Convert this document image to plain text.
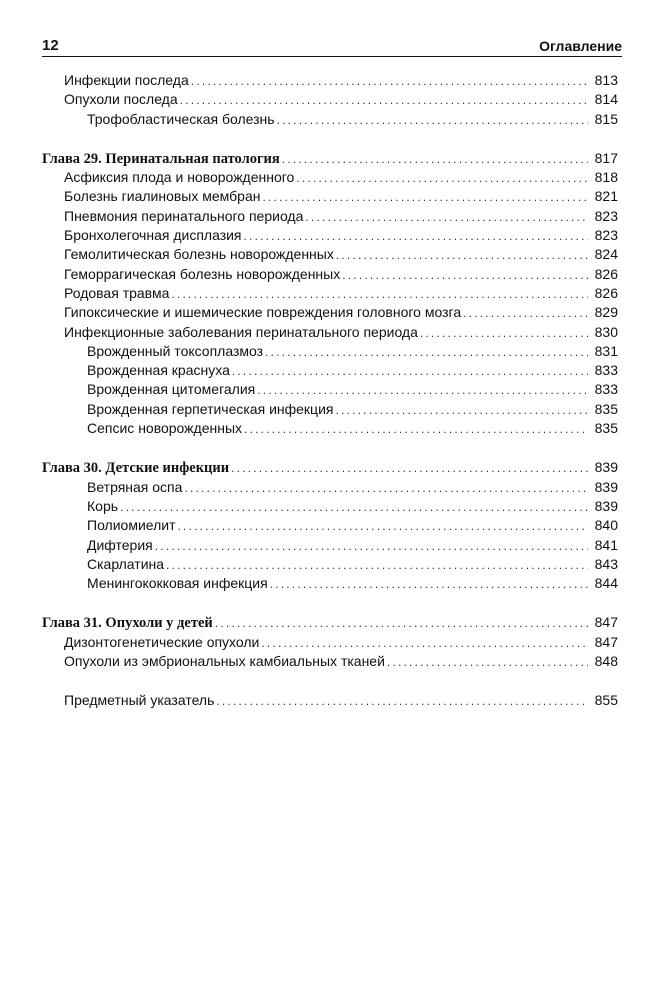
12	Оглавление
Инфекции последа .....	813
Опухоли последа .....	814
Трофобластическая болезнь .....	815
Глава 29. Перинатальная патология .....	817
Асфиксия плода и новорожденного .....	818
Болезнь гиалиновых мембран .....	821
Пневмония перинатального периода .....	823
Бронхолегочная дисплазия .....	823
Гемолитическая болезнь новорожденных .....	824
Геморрагическая болезнь новорожденных .....	826
Родовая травма .....	826
Гипоксические и ишемические повреждения головного мозга .....	829
Инфекционные заболевания перинатального периода .....	830
Врожденный токсоплазмоз .....	831
Врожденная краснуха .....	833
Врожденная цитомегалия .....	833
Врожденная герпетическая инфекция .....	835
Сепсис новорожденных .....	835
Глава 30. Детские инфекции .....	839
Ветряная оспа .....	839
Корь .....	839
Полиомиелит .....	840
Дифтерия .....	841
Скарлатина .....	843
Менингококковая инфекция .....	844
Глава 31. Опухоли у детей .....	847
Дизонтогенетические опухоли .....	847
Опухоли из эмбриональных камбиальных тканей .....	848
Предметный указатель .....	855
